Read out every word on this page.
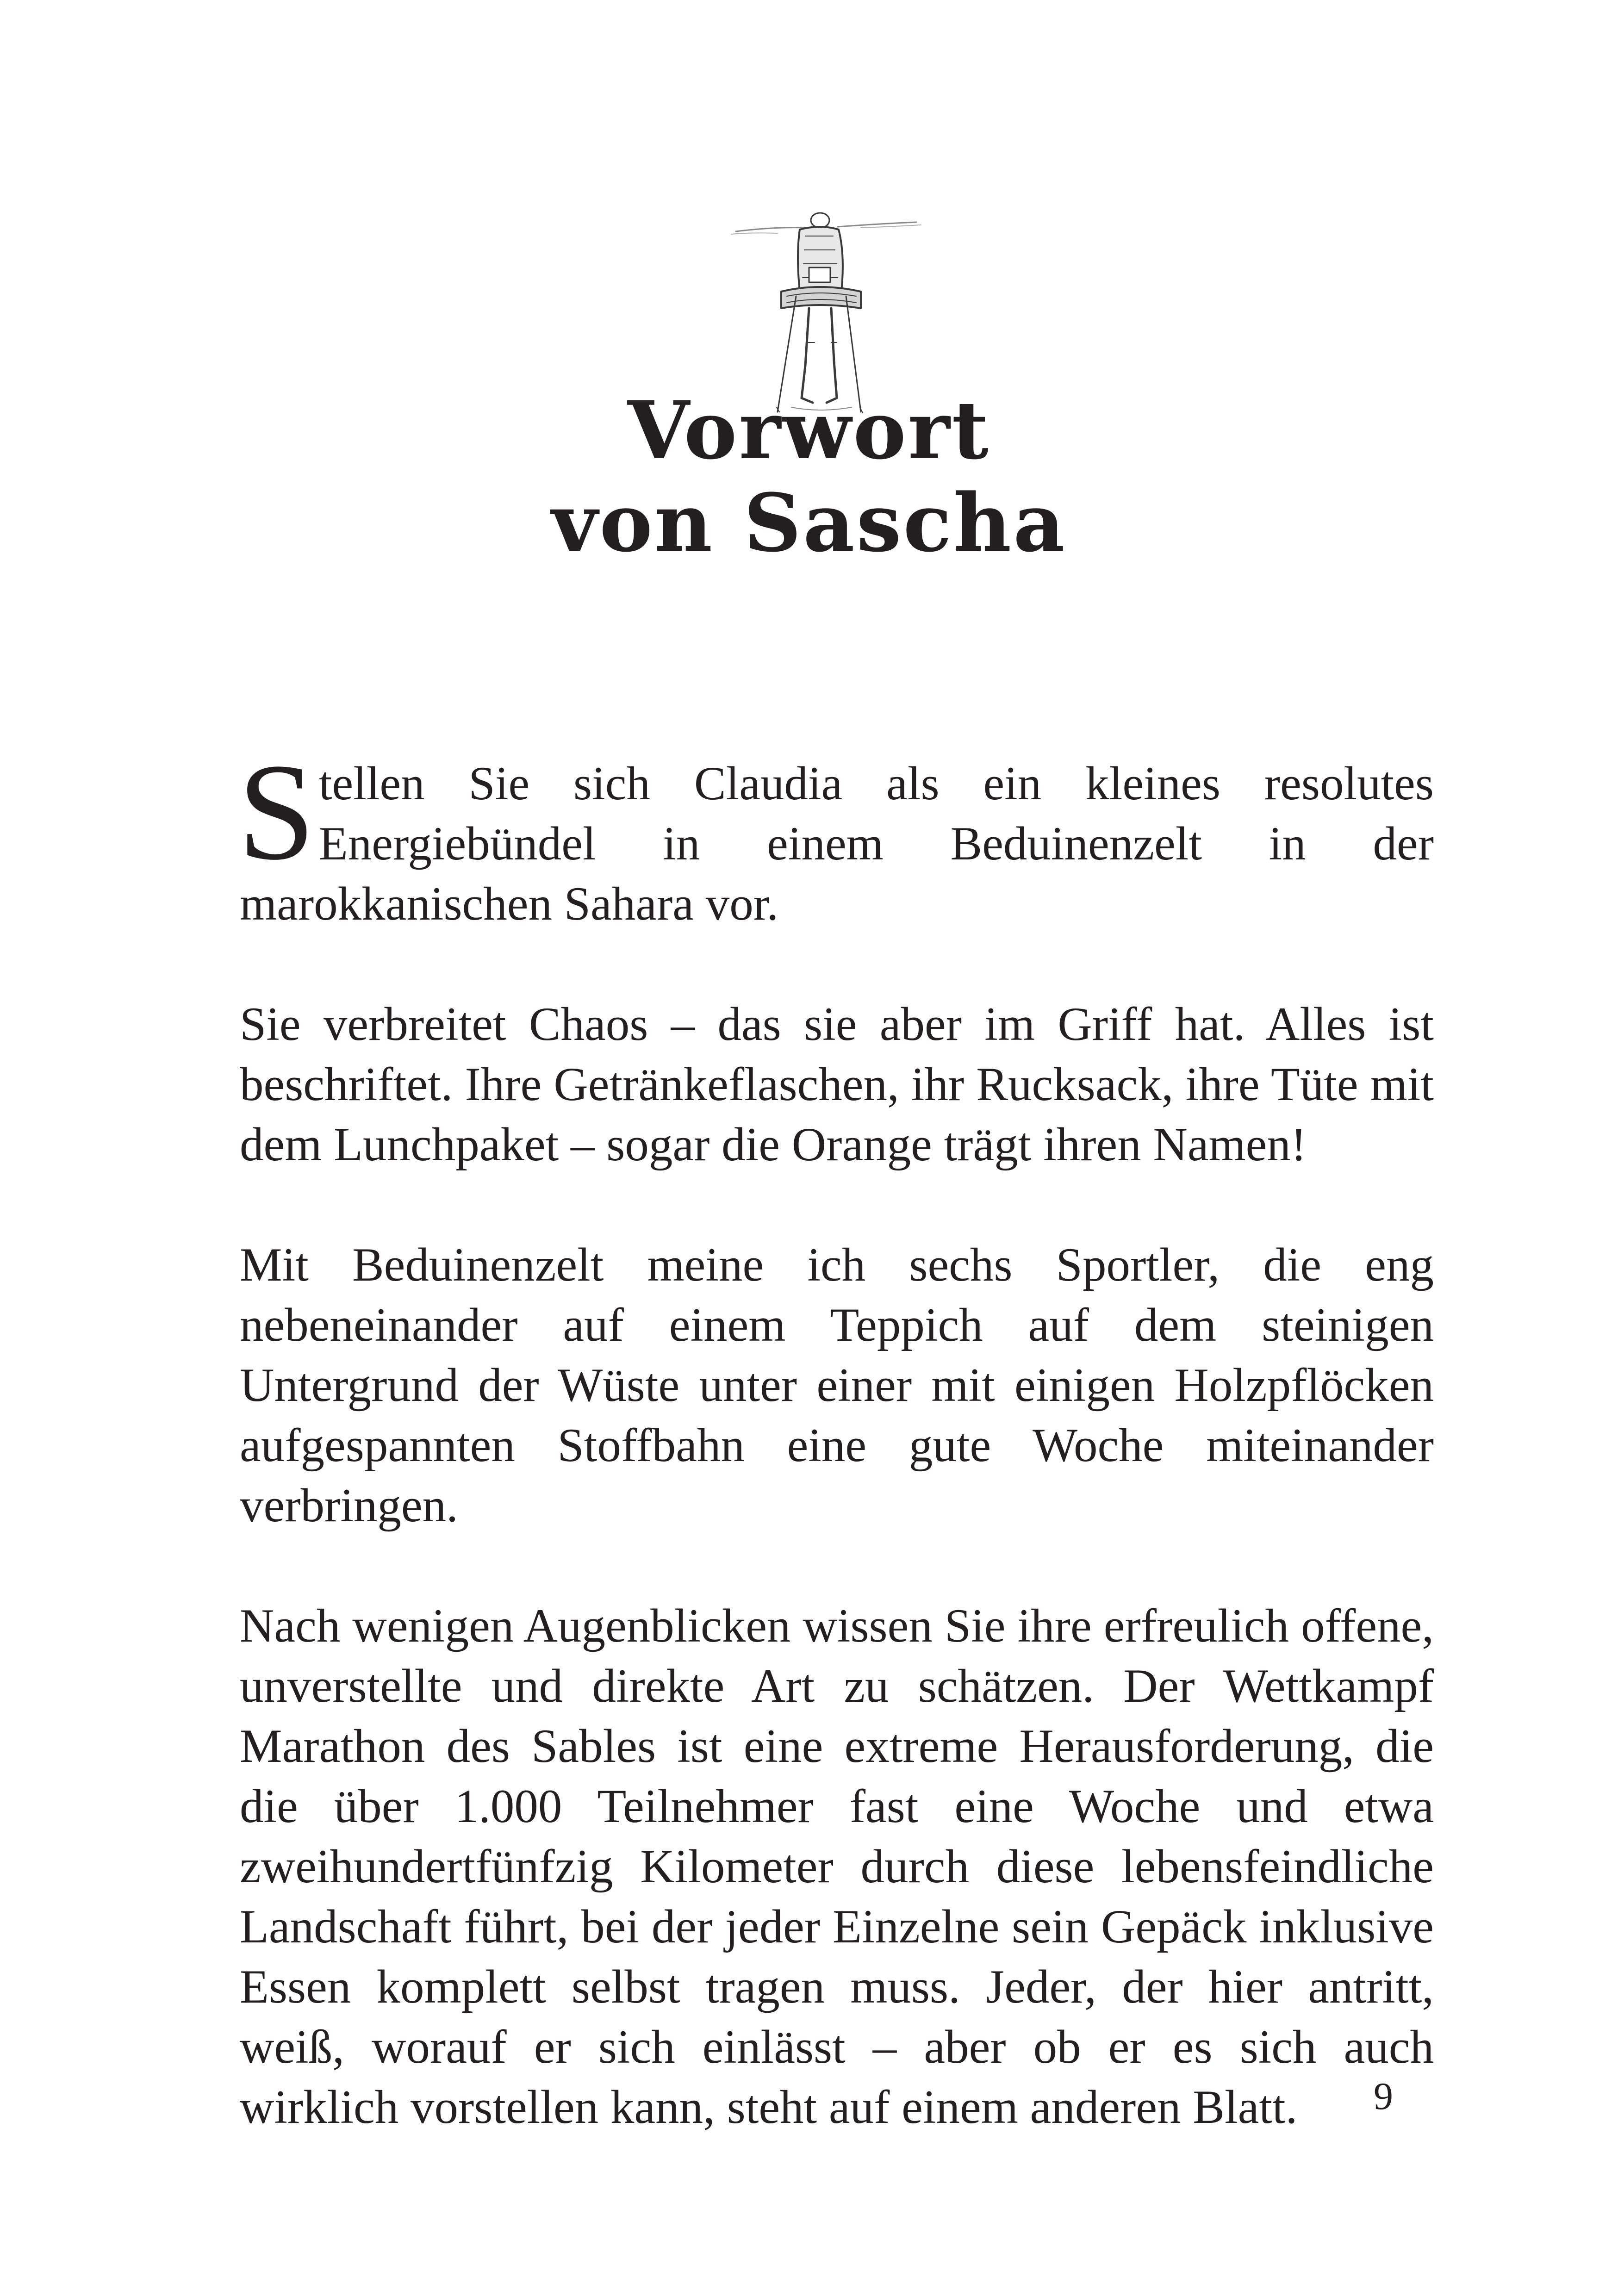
Vorwort
von Sascha

Stellen Sie sich Claudia als ein kleines resolutes Energiebündel in einem Beduinenzelt in der marokkanischen Sahara vor.

Sie verbreitet Chaos – das sie aber im Griff hat. Alles ist beschriftet. Ihre Getränkeflaschen, ihr Rucksack, ihre Tüte mit dem Lunchpaket – sogar die Orange trägt ihren Namen!

Mit Beduinenzelt meine ich sechs Sportler, die eng nebeneinander auf einem Teppich auf dem steinigen Untergrund der Wüste unter einer mit einigen Holzpflöcken aufgespannten Stoffbahn eine gute Woche miteinander verbringen.

Nach wenigen Augenblicken wissen Sie ihre erfreulich offene, unverstellte und direkte Art zu schätzen. Der Wettkampf Marathon des Sables ist eine extreme Herausforderung, die die über 1.000 Teilnehmer fast eine Woche und etwa zweihundertfünfzig Kilometer durch diese lebensfeindliche Landschaft führt, bei der jeder Einzelne sein Gepäck inklusive Essen komplett selbst tragen muss. Jeder, der hier antritt, weiß, worauf er sich einlässt – aber ob er es sich auch wirklich vorstellen kann, steht auf einem anderen Blatt.	9
